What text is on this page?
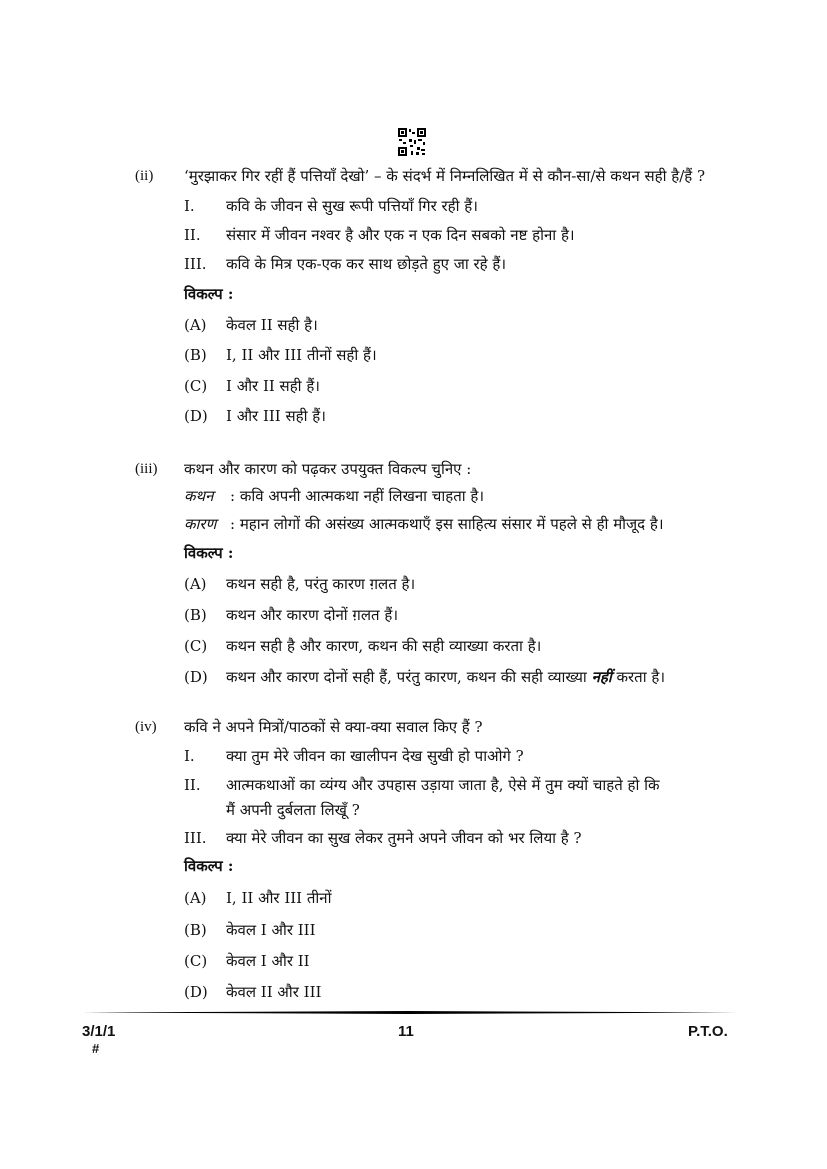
(ii) ‘मुरझाकर गिर रहीं हैं पत्तियाँ देखो’ – के संदर्भ में निम्नलिखित में से कौन-सा/से कथन सही है/हैं ?
I. कवि के जीवन से सुख रूपी पत्तियाँ गिर रही हैं।
II. संसार में जीवन नश्वर है और एक न एक दिन सबको नष्ट होना है।
III. कवि के मित्र एक-एक कर साथ छोड़ते हुए जा रहे हैं।
विकल्प :
(A) केवल II सही है।
(B) I, II और III तीनों सही हैं।
(C) I और II सही हैं।
(D) I और III सही हैं।
(iii) कथन और कारण को पढ़कर उपयुक्त विकल्प चुनिए :
कथन : कवि अपनी आत्मकथा नहीं लिखना चाहता है।
कारण : महान लोगों की असंख्य आत्मकथाएँ इस साहित्य संसार में पहले से ही मौजूद है।
विकल्प :
(A) कथन सही है, परंतु कारण ग़लत है।
(B) कथन और कारण दोनों ग़लत हैं।
(C) कथन सही है और कारण, कथन की सही व्याख्या करता है।
(D) कथन और कारण दोनों सही हैं, परंतु कारण, कथन की सही व्याख्या नहीं करता है।
(iv) कवि ने अपने मित्रों/पाठकों से क्या-क्या सवाल किए हैं ?
I. क्या तुम मेरे जीवन का खालीपन देख सुखी हो पाओगे ?
II. आत्मकथाओं का व्यंग्य और उपहास उड़ाया जाता है, ऐसे में तुम क्यों चाहते हो कि
मैं अपनी दुर्बलता लिखूँ ?
III. क्या मेरे जीवन का सुख लेकर तुमने अपने जीवन को भर लिया है ?
विकल्प :
(A) I, II और III तीनों
(B) केवल I और III
(C) केवल I और II
(D) केवल II और III
3/1/1
#
11	P.T.O.
